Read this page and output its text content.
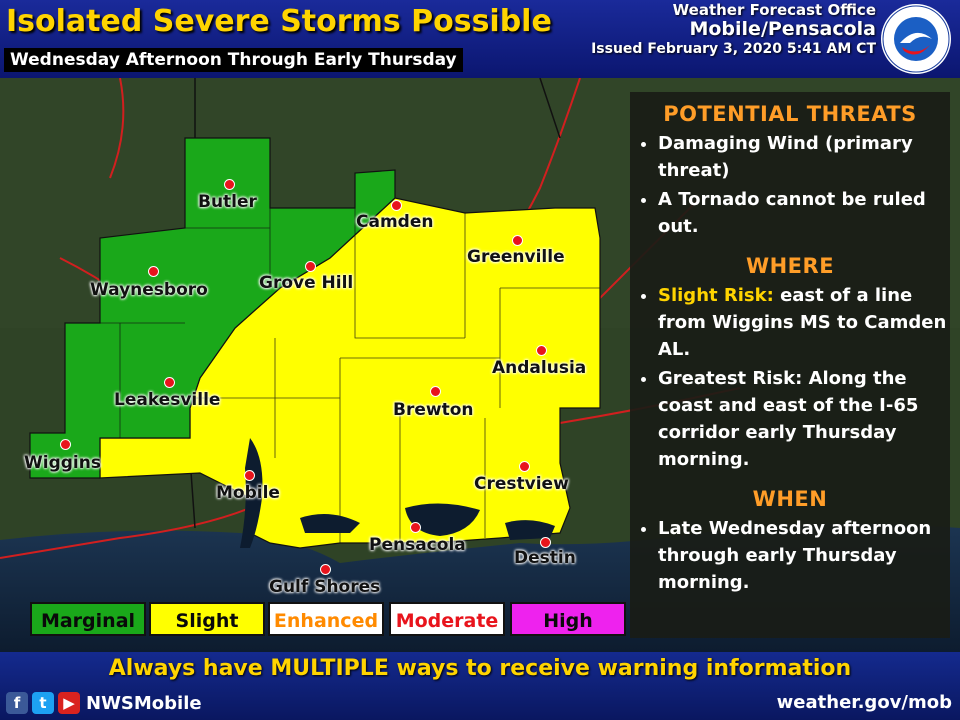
Isolated Severe Storms Possible
Wednesday Afternoon Through Early Thursday
Weather Forecast Office
Mobile/Pensacola
Issued February 3, 2020 5:41 AM CT
Butler
Camden
Waynesboro	Grove Hill
Greenville
Leakesville
Andalusia
Brewton
Wiggins
Mobile	Crestview
Pensacola
Destin
Gulf Shores
POTENTIAL THREATS
• Damaging Wind (primary threat)
• A Tornado cannot be ruled out.
WHERE
• Slight Risk: east of a line from Wiggins MS to Camden AL.
• Greatest Risk: Along the coast and east of the I-65 corridor early Thursday morning.
WHEN
• Late Wednesday afternoon through early Thursday morning.
Marginal	Slight	Enhanced Moderate	High
Always have MULTIPLE ways to receive warning information
f	t	▶ NWSMobile	weather.gov/mob
